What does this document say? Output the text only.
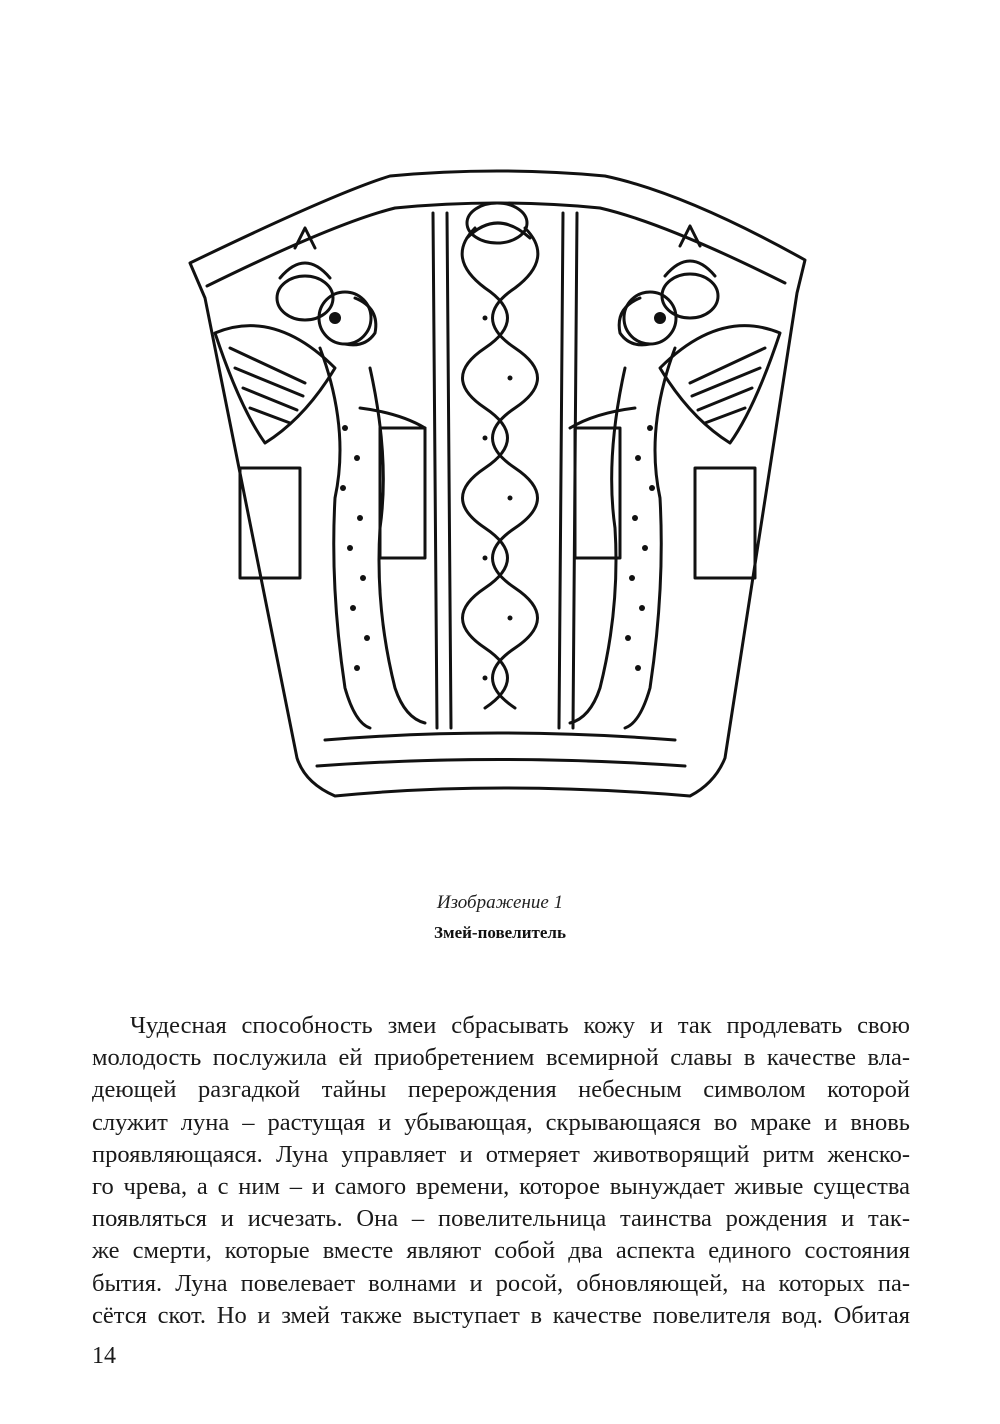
Изображение 1
Змей-повелитель
Чудесная способность змеи сбрасывать кожу и так продлевать свою
молодость послужила ей приобретением всемирной славы в качестве вла-
деющей разгадкой тайны перерождения небесным символом которой
служит луна – растущая и убывающая, скрывающаяся во мраке и вновь
проявляющаяся. Луна управляет и отмеряет животворящий ритм женско-
го чрева, а с ним – и самого времени, которое вынуждает живые существа
появляться и исчезать. Она – повелительница таинства рождения и так-
же смерти, которые вместе являют собой два аспекта единого состояния
бытия. Луна повелевает волнами и росой, обновляющей, на которых па-
сётся скот. Но и змей также выступает в качестве повелителя вод. Обитая
14
